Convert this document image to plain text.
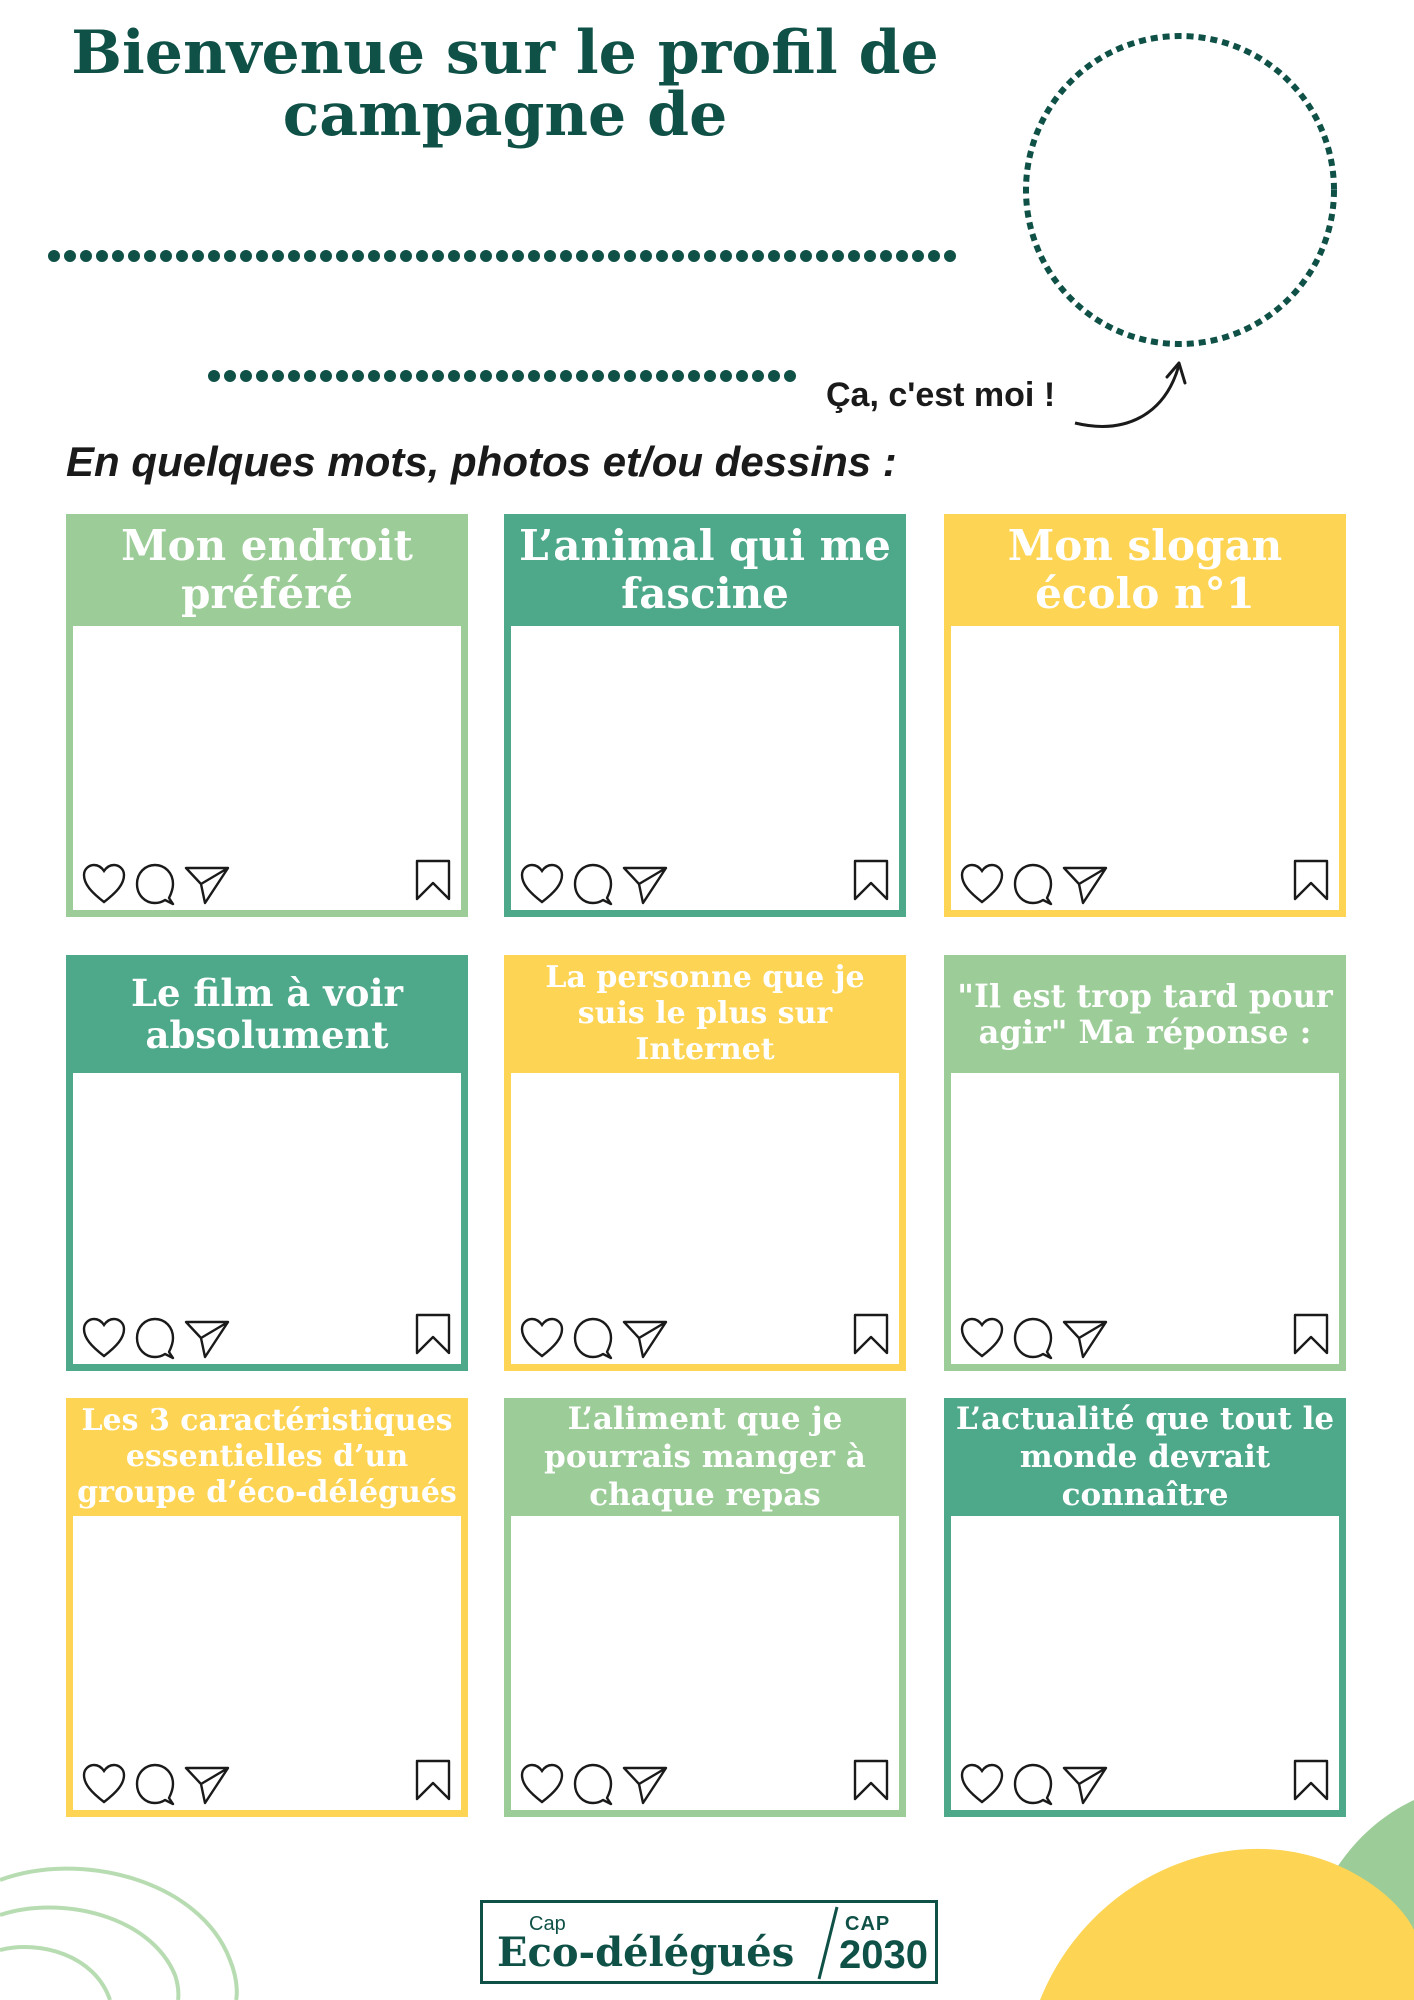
Bienvenue sur le profil de
campagne de
Ça, c'est moi !
En quelques mots, photos et/ou dessins :
Mon endroit préféré
L’animal qui me fascine
Mon slogan écolo n°1
Le film à voir absolument
La personne que je suis le plus sur Internet
"Il est trop tard pour agir" Ma réponse :
Les 3 caractéristiques essentielles d’un groupe d’éco-délégués
L’aliment que je pourrais manger à chaque repas
L’actualité que tout le monde devrait connaître
Cap
Eco-délégués
CAP
2030
